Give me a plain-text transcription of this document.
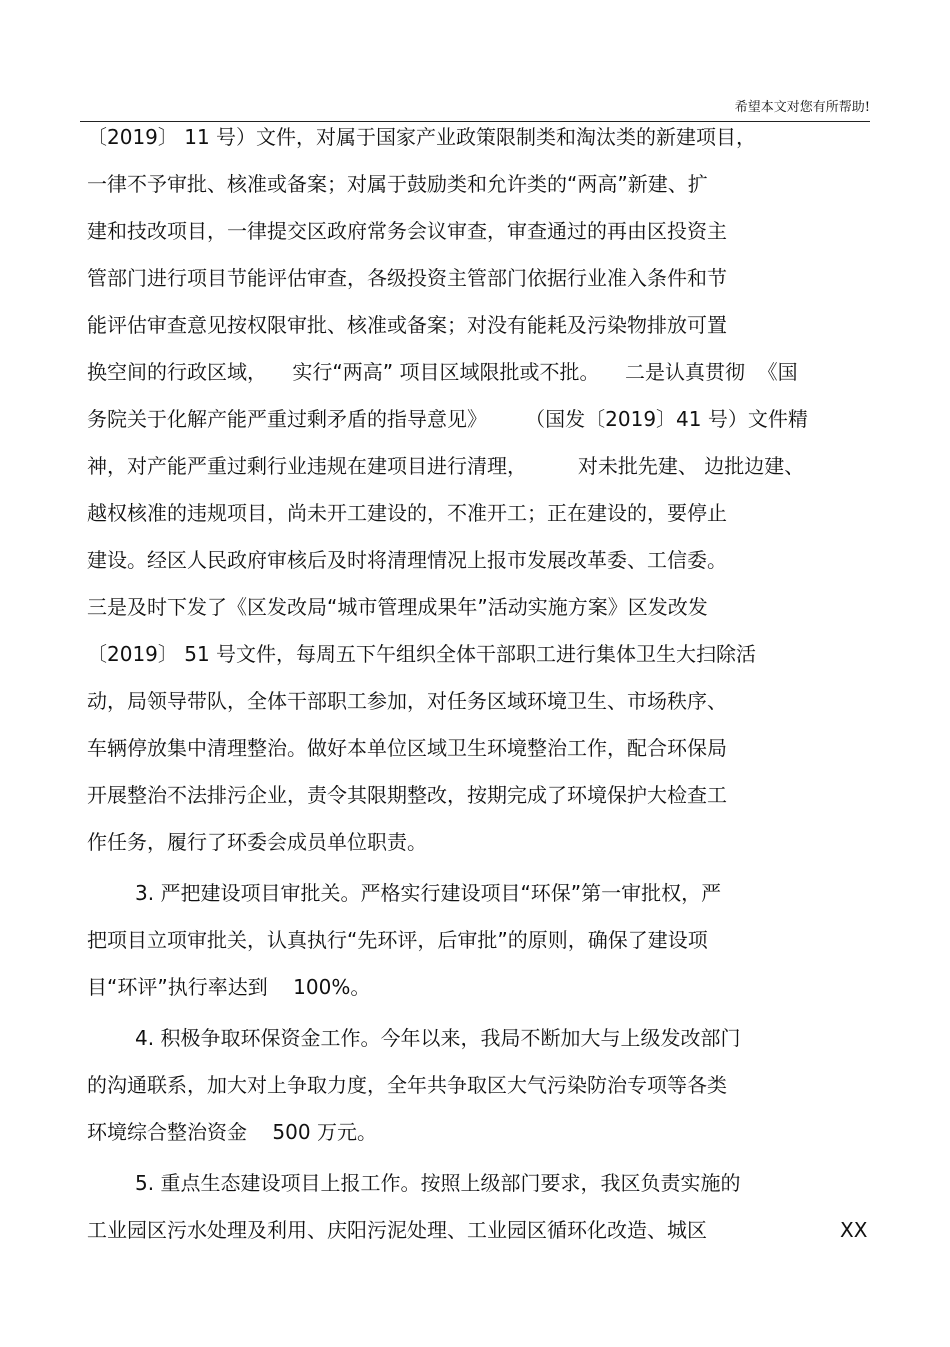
希望本文对您有所帮助!
〔2019〕 11 号）文件，对属于国家产业政策限制类和淘汰类的新建项目，
一律不予审批、核准或备案；对属于鼓励类和允许类的“两高”新建、扩
建和技改项目，一律提交区政府常务会议审查，审查通过的再由区投资主
管部门进行项目节能评估审查，各级投资主管部门依据行业准入条件和节
能评估审查意见按权限审批、核准或备案；对没有能耗及污染物排放可置
换空间的行政区域，    实行“两高” 项目区域限批或不批。    二是认真贯彻  《国
务院关于化解产能严重过剩矛盾的指导意见》      （国发〔2019〕41 号）文件精
神，对产能严重过剩行业违规在建项目进行清理，        对未批先建、 边批边建、
越权核准的违规项目，尚未开工建设的，不准开工；正在建设的，要停止
建设。经区人民政府审核后及时将清理情况上报市发展改革委、工信委。
三是及时下发了《区发改局“城市管理成果年”活动实施方案》区发改发
〔2019〕 51 号文件，每周五下午组织全体干部职工进行集体卫生大扫除活
动，局领导带队，全体干部职工参加，对任务区域环境卫生、市场秩序、
车辆停放集中清理整治。做好本单位区域卫生环境整治工作，配合环保局
开展整治不法排污企业，责令其限期整改，按期完成了环境保护大检查工
作任务，履行了环委会成员单位职责。
3. 严把建设项目审批关。严格实行建设项目“环保”第一审批权，严
把项目立项审批关，认真执行“先环评，后审批”的原则，确保了建设项
目“环评”执行率达到    100%。
4. 积极争取环保资金工作。今年以来，我局不断加大与上级发改部门
的沟通联系，加大对上争取力度，全年共争取区大气污染防治专项等各类
环境综合整治资金    500 万元。
5. 重点生态建设项目上报工作。按照上级部门要求，我区负责实施的
工业园区污水处理及利用、庆阳污泥处理、工业园区循环化改造、城区	XX
